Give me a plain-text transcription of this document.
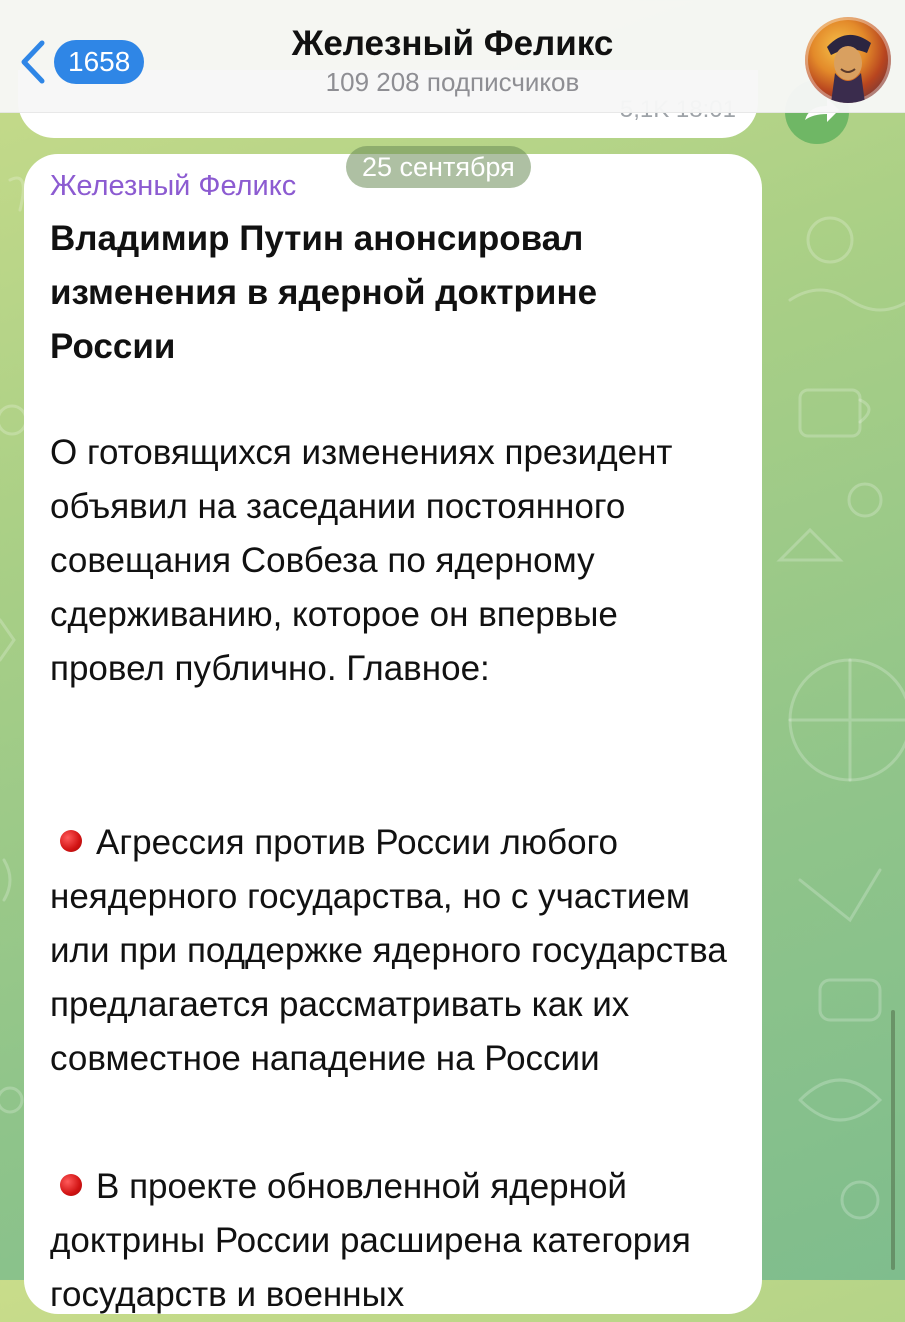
1658	Железный Феликс
109 208 подписчиков
25 сентября
Железный Феликс
Владимир Путин анонсировал изменения в ядерной доктрине России
О готовящихся изменениях президент объявил на заседании постоянного совещания Совбеза по ядерному сдерживанию, которое он впервые провел публично. Главное:

Агрессия против России любого неядерного государства, но с участием или при поддержке ядерного государства предлагается рассматривать как их совместное нападение на России

В проекте обновленной ядерной доктрины России расширена категория государств и военных
